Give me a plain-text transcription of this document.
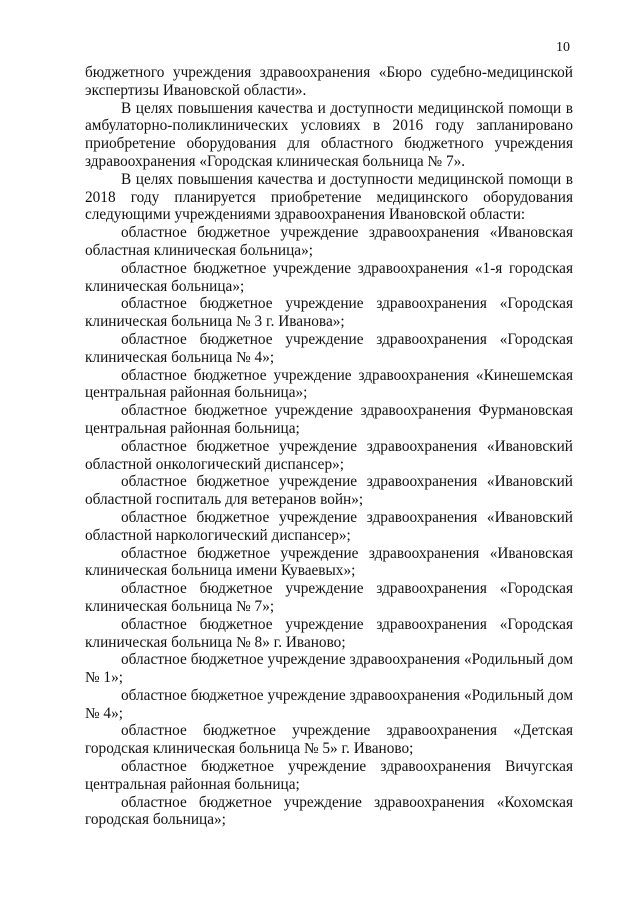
10

бюджетного учреждения здравоохранения «Бюро судебно-медицинской экспертизы Ивановской области».

В целях повышения качества и доступности медицинской помощи в амбулаторно-поликлинических условиях в 2016 году запланировано приобретение оборудования для областного бюджетного учреждения здравоохранения «Городская клиническая больница № 7».

В целях повышения качества и доступности медицинской помощи в 2018 году планируется приобретение медицинского оборудования следующими учреждениями здравоохранения Ивановской области:

областное бюджетное учреждение здравоохранения «Ивановская областная клиническая больница»;

областное бюджетное учреждение здравоохранения «1-я городская клиническая больница»;

областное бюджетное учреждение здравоохранения «Городская клиническая больница № 3 г. Иванова»;

областное бюджетное учреждение здравоохранения «Городская клиническая больница № 4»;

областное бюджетное учреждение здравоохранения «Кинешемская центральная районная больница»;

областное бюджетное учреждение здравоохранения Фурмановская центральная районная больница;

областное бюджетное учреждение здравоохранения «Ивановский областной онкологический диспансер»;

областное бюджетное учреждение здравоохранения «Ивановский областной госпиталь для ветеранов войн»;

областное бюджетное учреждение здравоохранения «Ивановский областной наркологический диспансер»;

областное бюджетное учреждение здравоохранения «Ивановская клиническая больница имени Куваевых»;

областное бюджетное учреждение здравоохранения «Городская клиническая больница № 7»;

областное бюджетное учреждение здравоохранения «Городская клиническая больница № 8» г. Иваново;

областное бюджетное учреждение здравоохранения «Родильный дом № 1»;

областное бюджетное учреждение здравоохранения «Родильный дом № 4»;

областное бюджетное учреждение здравоохранения «Детская городская клиническая больница № 5» г. Иваново;

областное бюджетное учреждение здравоохранения Вичугская центральная районная больница;

областное бюджетное учреждение здравоохранения «Кохомская городская больница»;
